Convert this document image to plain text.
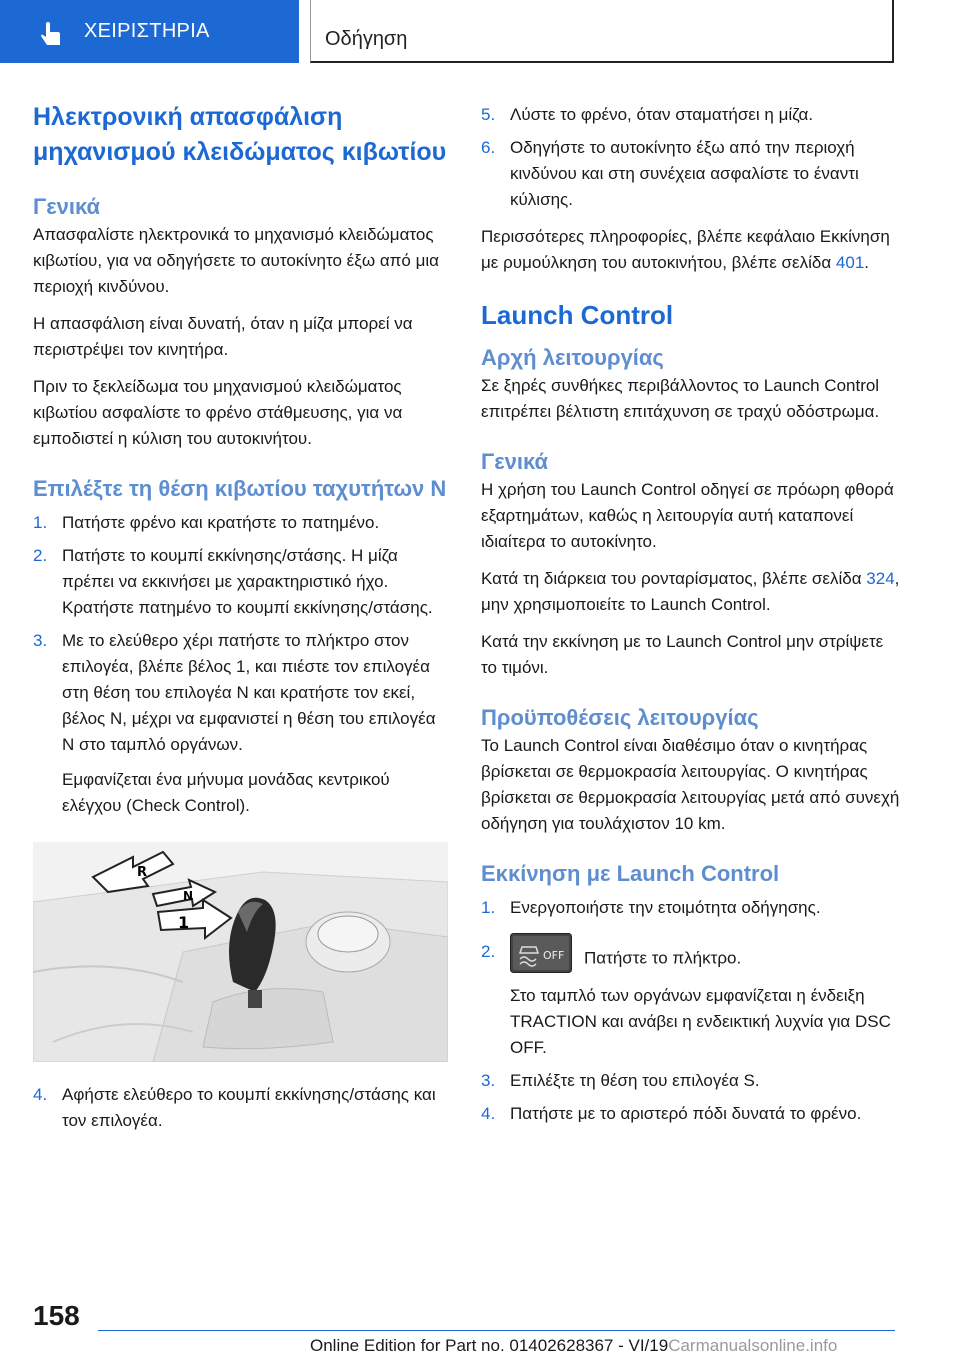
ΧΕΙΡΙΣΤΗΡΙΑ	Οδήγηση
Ηλεκτρονική απασφάλιση μηχανισμού κλειδώματος κιβωτίου
Γενικά

Απασφαλίστε ηλεκτρονικά το μηχανισμό κλειδώματος κιβωτίου, για να οδηγήσετε το αυτοκίνητο έξω από μια περιοχή κινδύνου.

Η απασφάλιση είναι δυνατή, όταν η μίζα μπορεί να περιστρέψει τον κινητήρα.

Πριν το ξεκλείδωμα του μηχανισμού κλειδώματος κιβωτίου ασφαλίστε το φρένο στάθμευσης, για να εμποδιστεί η κύλιση του αυτοκινήτου.

Επιλέξτε τη θέση κιβωτίου ταχυτήτων N
1. Πατήστε φρένο και κρατήστε το πατημένο.
2. Πατήστε το κουμπί εκκίνησης/στάσης. Η μίζα πρέπει να εκκινήσει με χαρακτηριστικό ήχο. Κρατήστε πατημένο το κουμπί εκκίνησης/στάσης.
3. Με το ελεύθερο χέρι πατήστε το πλήκτρο στον επιλογέα, βλέπε βέλος 1, και πιέστε τον επιλογέα στη θέση του επιλογέα N και κρατήστε τον εκεί, βέλος N, μέχρι να εμφανιστεί η θέση του επιλογέα N στο ταμπλό οργάνων.
Εμφανίζεται ένα μήνυμα μονάδας κεντρικού ελέγχου (Check Control).
R
N
1
4. Αφήστε ελεύθερο το κουμπί εκκίνησης/στάσης και τον επιλογέα.
5. Λύστε το φρένο, όταν σταματήσει η μίζα.
6. Οδηγήστε το αυτοκίνητο έξω από την περιοχή κινδύνου και στη συνέχεια ασφαλίστε το έναντι κύλισης.

Περισσότερες πληροφορίες, βλέπε κεφάλαιο Εκκίνηση με ρυμούλκηση του αυτοκινήτου, βλέπε σελίδα 401.

Launch Control
Αρχή λειτουργίας

Σε ξηρές συνθήκες περιβάλλοντος το Launch Control επιτρέπει βέλτιστη επιτάχυνση σε τραχύ οδόστρωμα.

Γενικά

Η χρήση του Launch Control οδηγεί σε πρόωρη φθορά εξαρτημάτων, καθώς η λειτουργία αυτή καταπονεί ιδιαίτερα το αυτοκίνητο.

Κατά τη διάρκεια του ρονταρίσματος, βλέπε σελίδα 324, μην χρησιμοποιείτε το Launch Control.

Κατά την εκκίνηση με το Launch Control μην στρίψετε το τιμόνι.

Προϋποθέσεις λειτουργίας

Το Launch Control είναι διαθέσιμο όταν ο κινητήρας βρίσκεται σε θερμοκρασία λειτουργίας. Ο κινητήρας βρίσκεται σε θερμοκρασία λειτουργίας μετά από συνεχή οδήγηση για τουλάχιστον 10 km.

Εκκίνηση με Launch Control
1. Ενεργοποιήστε την ετοιμότητα οδήγησης.
2.	OFF Πατήστε το πλήκτρο.
Στο ταμπλό των οργάνων εμφανίζεται η ένδειξη TRACTION και ανάβει η ενδεικτική λυχνία για DSC OFF.
3. Επιλέξτε τη θέση του επιλογέα S.
4. Πατήστε με το αριστερό πόδι δυνατά το φρένο.
158
Online Edition for Part no. 01402628367 - VI/19Carmanualsonline.info
